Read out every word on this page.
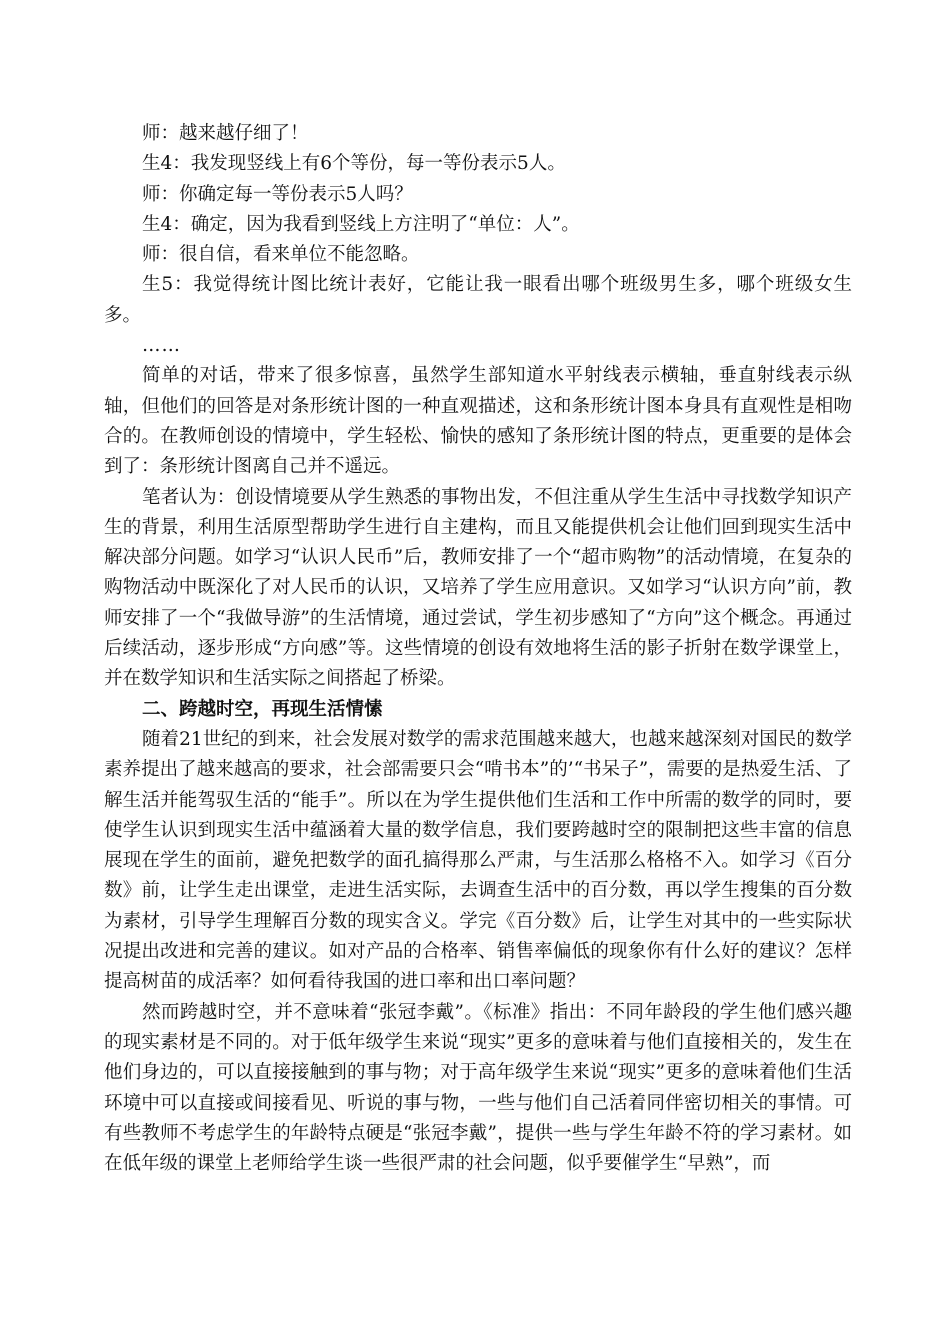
师：越来越仔细了！

生4：我发现竖线上有6个等份，每一等份表示5人。

师：你确定每一等份表示5人吗？

生4：确定，因为我看到竖线上方注明了“单位：人”。

师：很自信，看来单位不能忽略。

生5：我觉得统计图比统计表好，它能让我一眼看出哪个班级男生多，哪个班级女生多。

……

简单的对话，带来了很多惊喜，虽然学生部知道水平射线表示横轴，垂直射线表示纵轴，但他们的回答是对条形统计图的一种直观描述，这和条形统计图本身具有直观性是相吻合的。在教师创设的情境中，学生轻松、愉快的感知了条形统计图的特点，更重要的是体会到了：条形统计图离自己并不遥远。

笔者认为：创设情境要从学生熟悉的事物出发，不但注重从学生生活中寻找数学知识产生的背景，利用生活原型帮助学生进行自主建构，而且又能提供机会让他们回到现实生活中解决部分问题。如学习“认识人民币”后，教师安排了一个“超市购物”的活动情境，在复杂的购物活动中既深化了对人民币的认识，又培养了学生应用意识。又如学习“认识方向”前，教师安排了一个“我做导游”的生活情境，通过尝试，学生初步感知了“方向”这个概念。再通过后续活动，逐步形成“方向感”等。这些情境的创设有效地将生活的影子折射在数学课堂上，并在数学知识和生活实际之间搭起了桥梁。

二、跨越时空，再现生活情愫

随着21世纪的到来，社会发展对数学的需求范围越来越大，也越来越深刻对国民的数学素养提出了越来越高的要求，社会部需要只会“啃书本”的’“书呆子”，需要的是热爱生活、了解生活并能驾驭生活的“能手”。所以在为学生提供他们生活和工作中所需的数学的同时，要使学生认识到现实生活中蕴涵着大量的数学信息，我们要跨越时空的限制把这些丰富的信息展现在学生的面前，避免把数学的面孔搞得那么严肃，与生活那么格格不入。如学习《百分数》前，让学生走出课堂，走进生活实际，去调查生活中的百分数，再以学生搜集的百分数为素材，引导学生理解百分数的现实含义。学完《百分数》后，让学生对其中的一些实际状况提出改进和完善的建议。如对产品的合格率、销售率偏低的现象你有什么好的建议？怎样提高树苗的成活率？如何看待我国的进口率和出口率问题？

然而跨越时空，并不意味着“张冠李戴”。《标准》指出：不同年龄段的学生他们感兴趣的现实素材是不同的。对于低年级学生来说“现实”更多的意味着与他们直接相关的，发生在他们身边的，可以直接接触到的事与物；对于高年级学生来说“现实”更多的意味着他们生活环境中可以直接或间接看见、听说的事与物，一些与他们自己活着同伴密切相关的事情。可有些教师不考虑学生的年龄特点硬是“张冠李戴”，提供一些与学生年龄不符的学习素材。如在低年级的课堂上老师给学生谈一些很严肃的社会问题，似乎要催学生“早熟”，而
